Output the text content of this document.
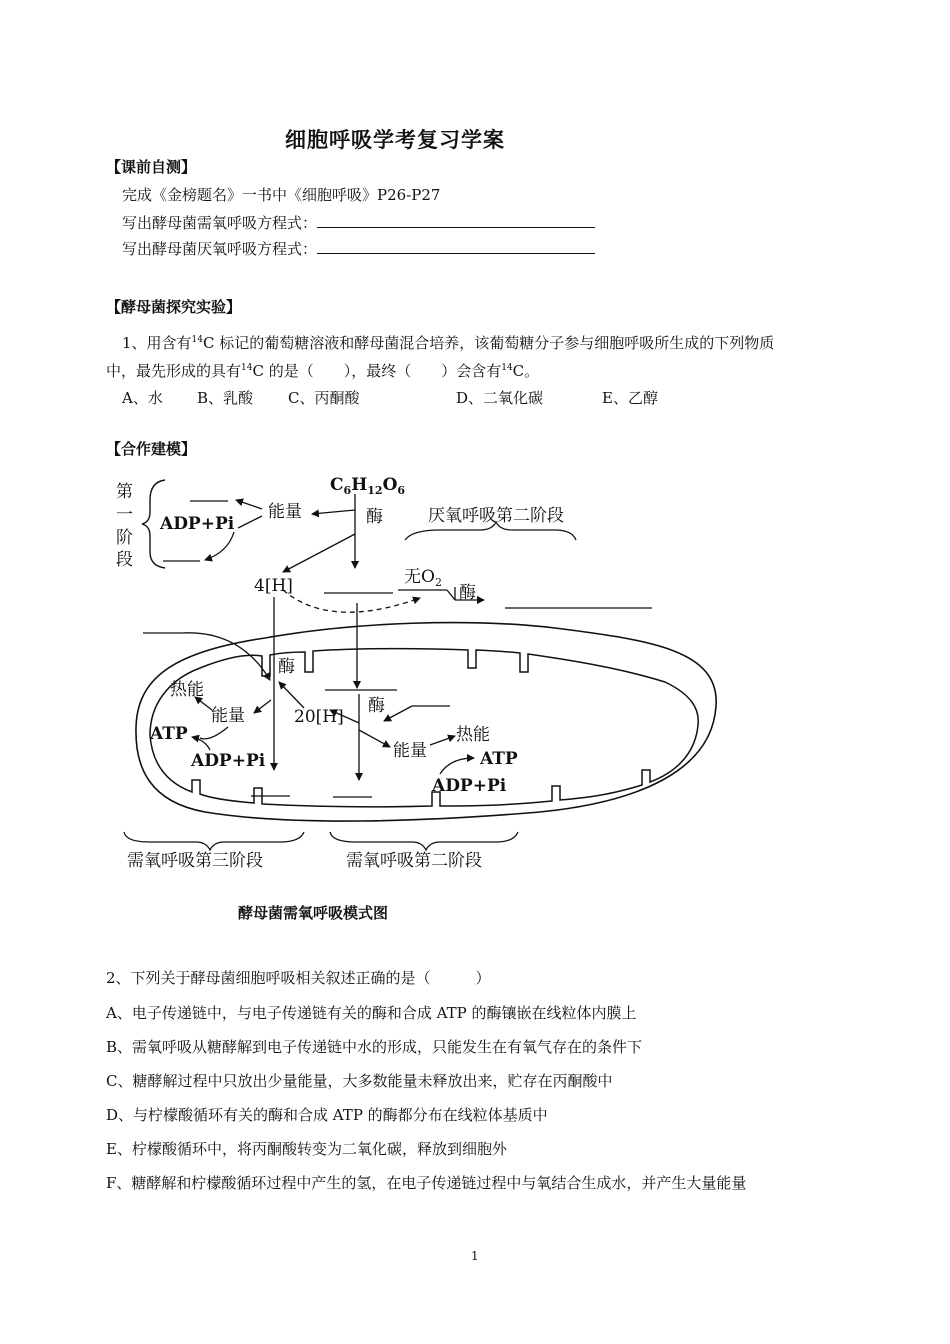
细胞呼吸学考复习学案
【课前自测】
完成《金榜题名》一书中《细胞呼吸》P26-P27
写出酵母菌需氧呼吸方程式：
写出酵母菌厌氧呼吸方程式：
【酵母菌探究实验】
1、用含有$^{14}$C 标记的葡萄糖溶液和酵母菌混合培养，该葡萄糖分子参与细胞呼吸所生成的下列物质
中，最先形成的具有$^{14}$C 的是（　　），最终（　　）会含有$^{14}$C。
A、水 B、乳酸 C、丙酮酸	D、二氧化碳	E、乙醇
【合作建模】
第
一
阶
段
$C_6H_{12}O_6$
酶
能量
ADP+Pi
4[H]	无$O_2$
酶
厌氧呼吸第二阶段
酶
酶
20[H]
能量
热能
ADP+Pi
ATP
热能
能量
ATP
ADP+Pi
需氧呼吸第三阶段	需氧呼吸第二阶段
酵母菌需氧呼吸模式图
2、下列关于酵母菌细胞呼吸相关叙述正确的是（　　　）
A、电子传递链中，与电子传递链有关的酶和合成 ATP 的酶镶嵌在线粒体内膜上
B、需氧呼吸从糖酵解到电子传递链中水的形成，只能发生在有氧气存在的条件下
C、糖酵解过程中只放出少量能量，大多数能量未释放出来，贮存在丙酮酸中
D、与柠檬酸循环有关的酶和合成 ATP 的酶都分布在线粒体基质中
E、柠檬酸循环中，将丙酮酸转变为二氧化碳，释放到细胞外
F、糖酵解和柠檬酸循环过程中产生的氢，在电子传递链过程中与氧结合生成水，并产生大量能量
1
